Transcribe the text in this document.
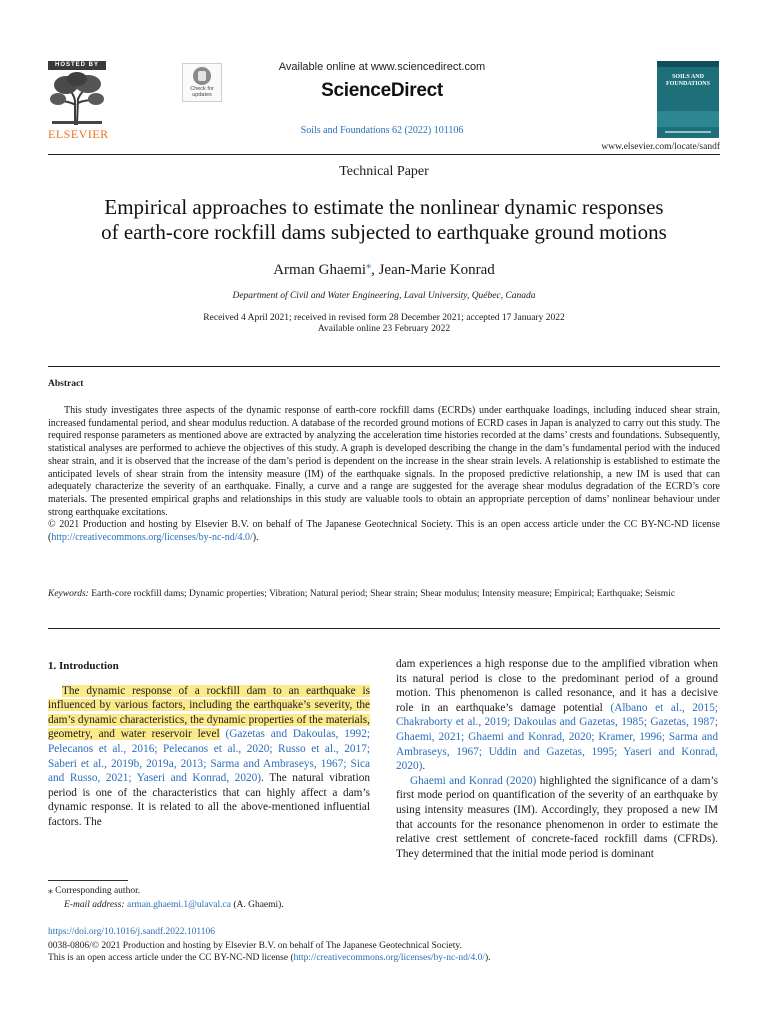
HOSTED BY
ELSEVIER
Check for updates
Available online at www.sciencedirect.com
ScienceDirect
Soils and Foundations 62 (2022) 101106
SOILS AND FOUNDATIONS
www.elsevier.com/locate/sandf
Technical Paper
Empirical approaches to estimate the nonlinear dynamic responses
of earth-core rockfill dams subjected to earthquake ground motions
Arman Ghaemi⁎, Jean-Marie Konrad
Department of Civil and Water Engineering, Laval University, Québec, Canada
Received 4 April 2021; received in revised form 28 December 2021; accepted 17 January 2022
Available online 23 February 2022
Abstract

This study investigates three aspects of the dynamic response of earth-core rockfill dams (ECRDs) under earthquake loadings, including induced shear strain, increased fundamental period, and shear modulus reduction. A database of the recorded ground motions of ECRD cases in Japan is analyzed to carry out this study. The required response parameters as mentioned above are extracted by analyzing the acceleration time histories recorded at the dams’ crests and foundations. Subsequently, statistical analyses are performed to achieve the objectives of this study. A graph is developed describing the change in the dam’s fundamental period with the induced shear strain, and it is observed that the increase of the dam’s period is dependent on the increase in the shear strain levels. A relationship is established to estimate the anticipated levels of shear strain from the intensity measure (IM) of the earthquake signals. In the proposed predictive relationship, a new IM is used that can adequately characterize the severity of an earthquake. Finally, a curve and a range are suggested for the average shear modulus degradation of the ECRD’s core materials. The presented empirical graphs and relationships in this study are valuable tools to obtain an appropriate perception of dams’ nonlinear behaviour under strong earthquake excitations.

© 2021 Production and hosting by Elsevier B.V. on behalf of The Japanese Geotechnical Society. This is an open access article under the CC BY-NC-ND license (http://creativecommons.org/licenses/by-nc-nd/4.0/).

Keywords: Earth-core rockfill dams; Dynamic properties; Vibration; Natural period; Shear strain; Shear modulus; Intensity measure; Empirical; Earthquake; Seismic

1. Introduction

The dynamic response of a rockfill dam to an earthquake is influenced by various factors, including the earthquake’s severity, the dam’s dynamic characteristics, the dynamic properties of the materials, geometry, and water reservoir level (Gazetas and Dakoulas, 1992; Pelecanos et al., 2016; Pelecanos et al., 2020; Russo et al., 2017; Saberi et al., 2019b, 2019a, 2013; Sarma and Ambraseys, 1967; Sica and Russo, 2021; Yaseri and Konrad, 2020). The natural vibration period is one of the characteristics that can highly affect a dam’s dynamic response. It is related to all the above-mentioned influential factors. The

dam experiences a high response due to the amplified vibration when its natural period is close to the predominant period of a ground motion. This phenomenon is called resonance, and it has a decisive role in an earthquake’s damage potential (Albano et al., 2015; Chakraborty et al., 2019; Dakoulas and Gazetas, 1985; Gazetas, 1987; Ghaemi, 2021; Ghaemi and Konrad, 2020; Kramer, 1996; Sarma and Ambraseys, 1967; Uddin and Gazetas, 1995; Yaseri and Konrad, 2020).

Ghaemi and Konrad (2020) highlighted the significance of a dam’s first mode period on quantification of the severity of an earthquake by using intensity measures (IM). Accordingly, they proposed a new IM that accounts for the resonance phenomenon in order to estimate the relative crest settlement of concrete-faced rockfill dams (CFRDs). They determined that the initial mode period is dominant

⁎ Corresponding author.
E-mail address: arman.ghaemi.1@ulaval.ca (A. Ghaemi).
https://doi.org/10.1016/j.sandf.2022.101106
0038-0806/© 2021 Production and hosting by Elsevier B.V. on behalf of The Japanese Geotechnical Society.
This is an open access article under the CC BY-NC-ND license (http://creativecommons.org/licenses/by-nc-nd/4.0/).
